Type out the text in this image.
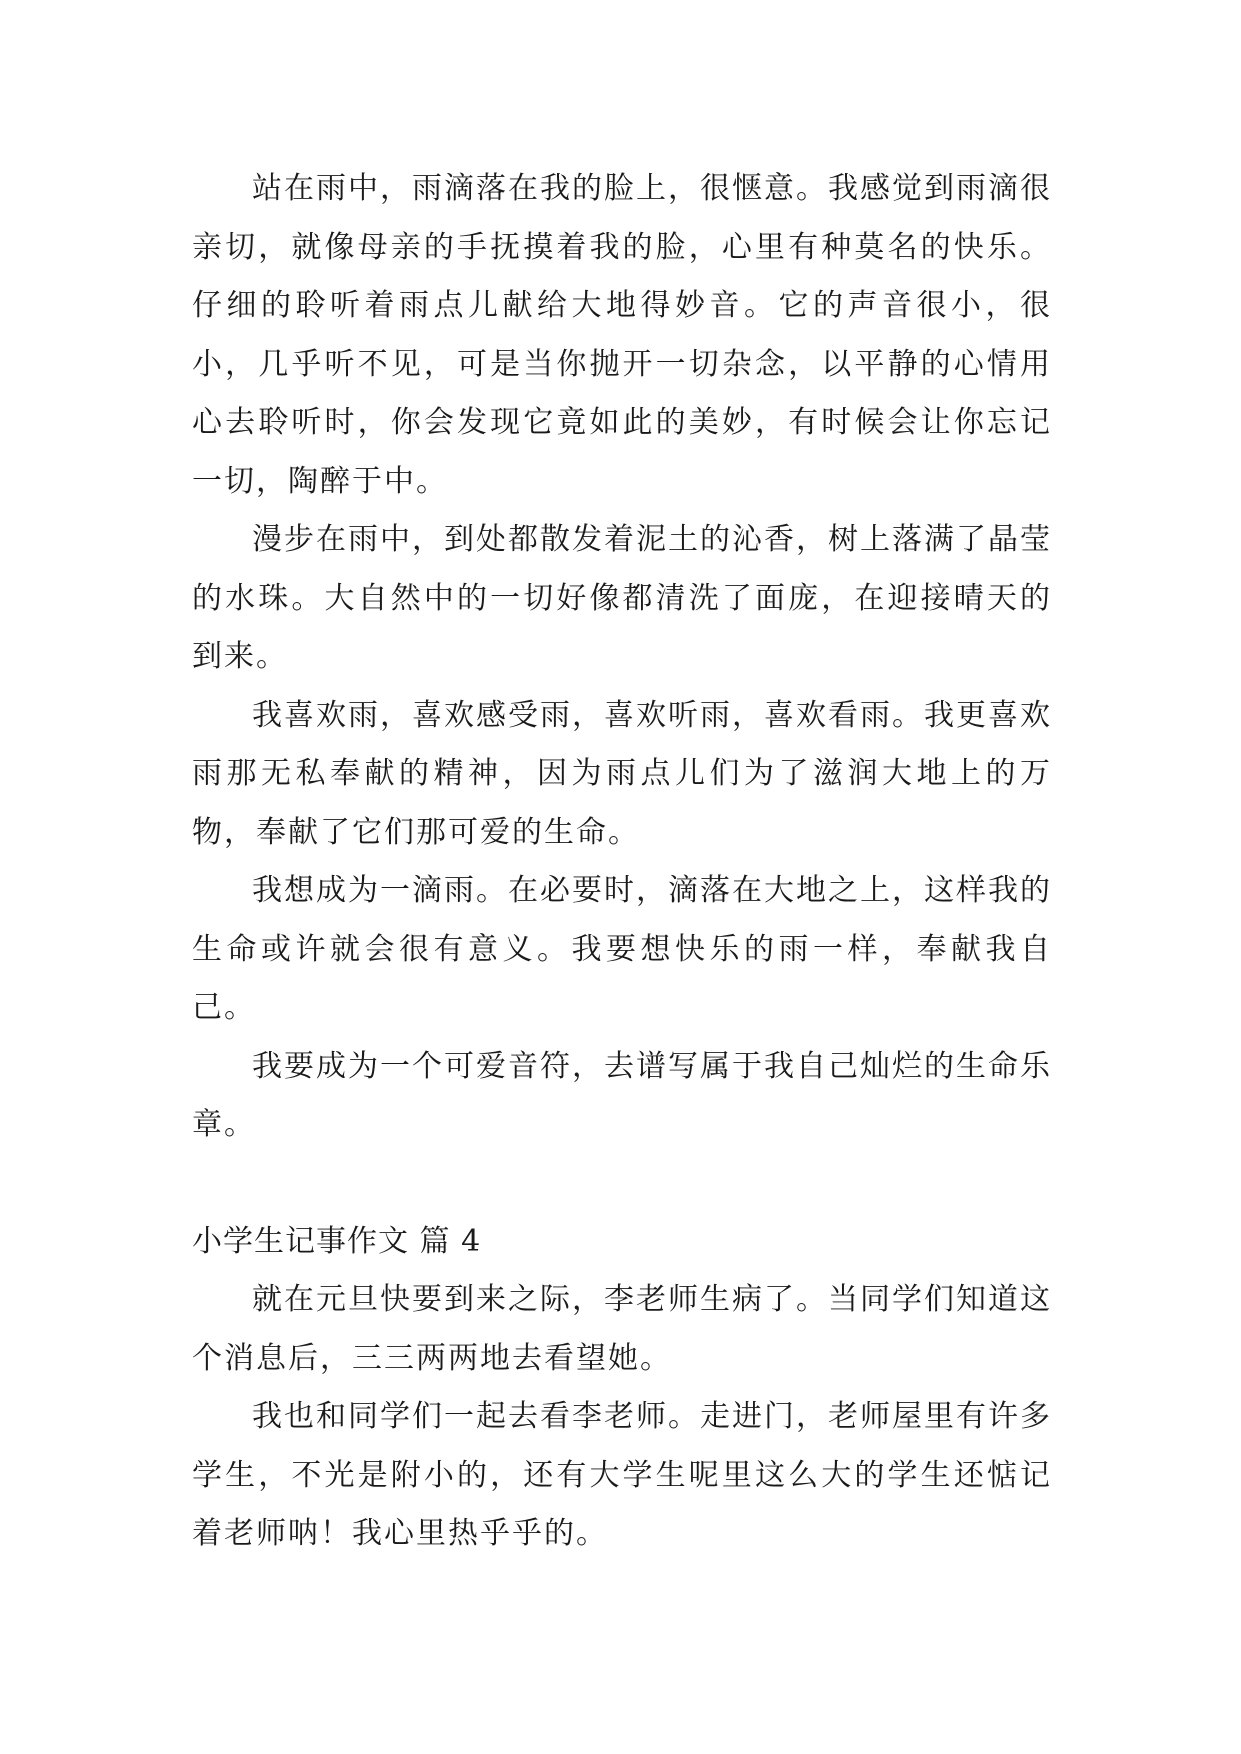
站在雨中，雨滴落在我的脸上，很惬意。我感觉到雨滴很亲切，就像母亲的手抚摸着我的脸，心里有种莫名的快乐。仔细的聆听着雨点儿献给大地得妙音。它的声音很小，很小，几乎听不见，可是当你抛开一切杂念，以平静的心情用心去聆听时，你会发现它竟如此的美妙，有时候会让你忘记一切，陶醉于中。

漫步在雨中，到处都散发着泥土的沁香，树上落满了晶莹的水珠。大自然中的一切好像都清洗了面庞，在迎接晴天的到来。

我喜欢雨，喜欢感受雨，喜欢听雨，喜欢看雨。我更喜欢雨那无私奉献的精神，因为雨点儿们为了滋润大地上的万物，奉献了它们那可爱的生命。

我想成为一滴雨。在必要时，滴落在大地之上，这样我的生命或许就会很有意义。我要想快乐的雨一样，奉献我自己。

我要成为一个可爱音符，去谱写属于我自己灿烂的生命乐章。

小学生记事作文 篇 4

就在元旦快要到来之际，李老师生病了。当同学们知道这个消息后，三三两两地去看望她。

我也和同学们一起去看李老师。走进门，老师屋里有许多学生，不光是附小的，还有大学生呢里这么大的学生还惦记着老师呐！我心里热乎乎的。
